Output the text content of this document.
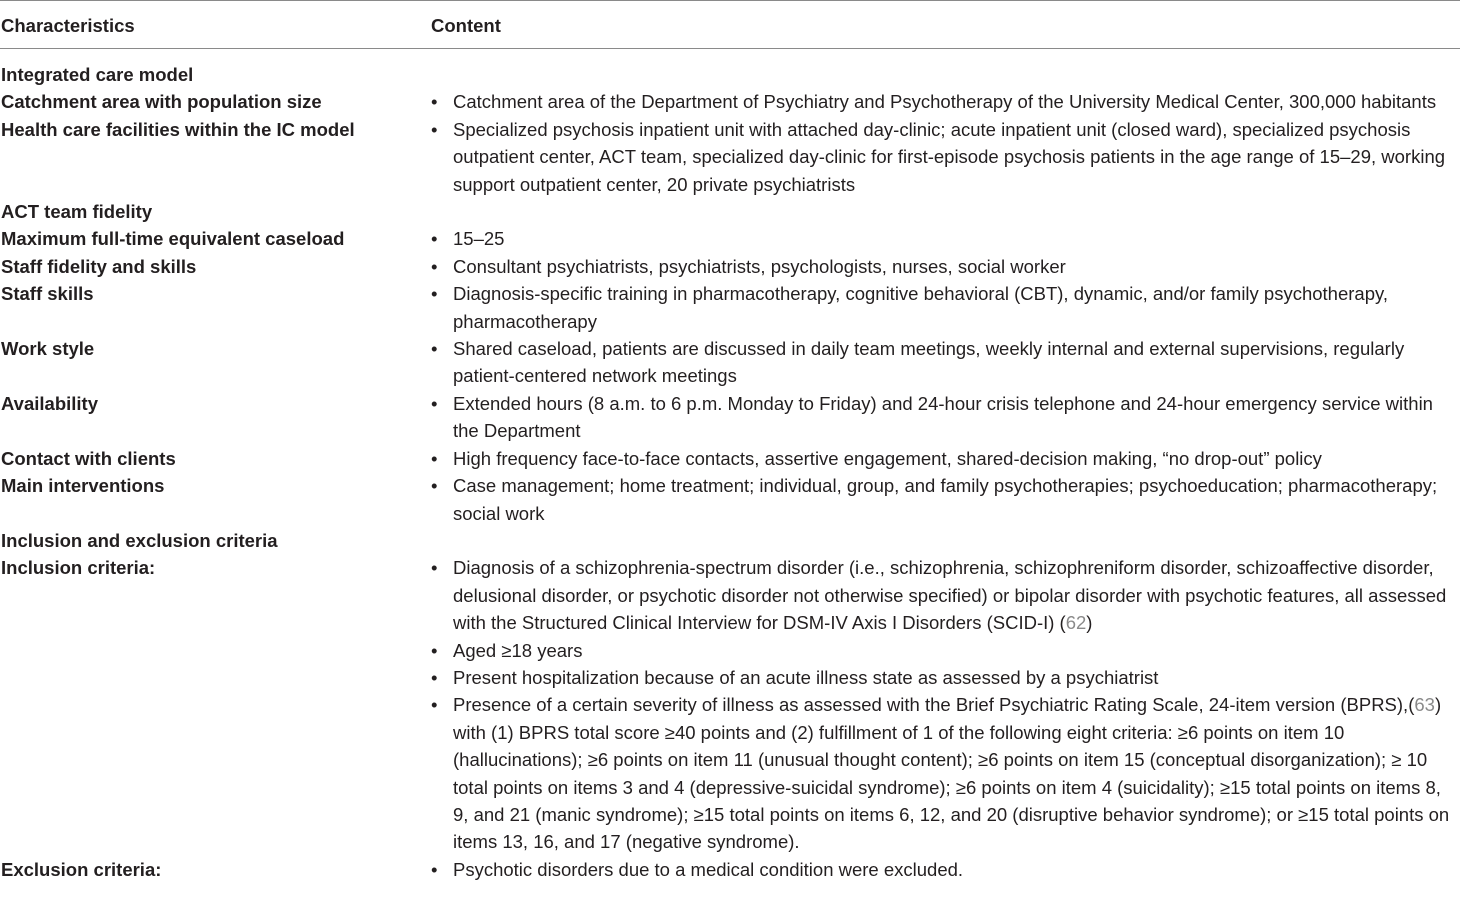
Characteristics	Content
Integrated care model
Catchment area with population size	• Catchment area of the Department of Psychiatry and Psychotherapy of the University Medical Center, 300,000 habitants
Health care facilities within the IC model	• Specialized psychosis inpatient unit with attached day-clinic; acute inpatient unit (closed ward), specialized psychosis outpatient center, ACT team, specialized day-clinic for first-episode psychosis patients in the age range of 15–29, working support outpatient center, 20 private psychiatrists
ACT team fidelity
Maximum full-time equivalent caseload	• 15–25
Staff fidelity and skills	• Consultant psychiatrists, psychiatrists, psychologists, nurses, social worker
Staff skills	• Diagnosis-specific training in pharmacotherapy, cognitive behavioral (CBT), dynamic, and/or family psychotherapy, pharmacotherapy
Work style	• Shared caseload, patients are discussed in daily team meetings, weekly internal and external supervisions, regularly patient-centered network meetings
Availability	• Extended hours (8 a.m. to 6 p.m. Monday to Friday) and 24-hour crisis telephone and 24-hour emergency service within the Department
Contact with clients	• High frequency face-to-face contacts, assertive engagement, shared-decision making, “no drop-out” policy
Main interventions	• Case management; home treatment; individual, group, and family psychotherapies; psychoeducation; pharmacotherapy; social work
Inclusion and exclusion criteria
Inclusion criteria:	• Diagnosis of a schizophrenia-spectrum disorder (i.e., schizophrenia, schizophreniform disorder, schizoaffective disorder, delusional disorder, or psychotic disorder not otherwise specified) or bipolar disorder with psychotic features, all assessed with the Structured Clinical Interview for DSM-IV Axis I Disorders (SCID-I) (62)
• Aged ≥18 years
• Present hospitalization because of an acute illness state as assessed by a psychiatrist
• Presence of a certain severity of illness as assessed with the Brief Psychiatric Rating Scale, 24-item version (BPRS),(63) with (1) BPRS total score ≥40 points and (2) fulfillment of 1 of the following eight criteria: ≥6 points on item 10 (hallucinations); ≥6 points on item 11 (unusual thought content); ≥6 points on item 15 (conceptual disorganization); ≥ 10 total points on items 3 and 4 (depressive-suicidal syndrome); ≥6 points on item 4 (suicidality); ≥15 total points on items 8, 9, and 21 (manic syndrome); ≥15 total points on items 6, 12, and 20 (disruptive behavior syndrome); or ≥15 total points on items 13, 16, and 17 (negative syndrome).
Exclusion criteria:	• Psychotic disorders due to a medical condition were excluded.
